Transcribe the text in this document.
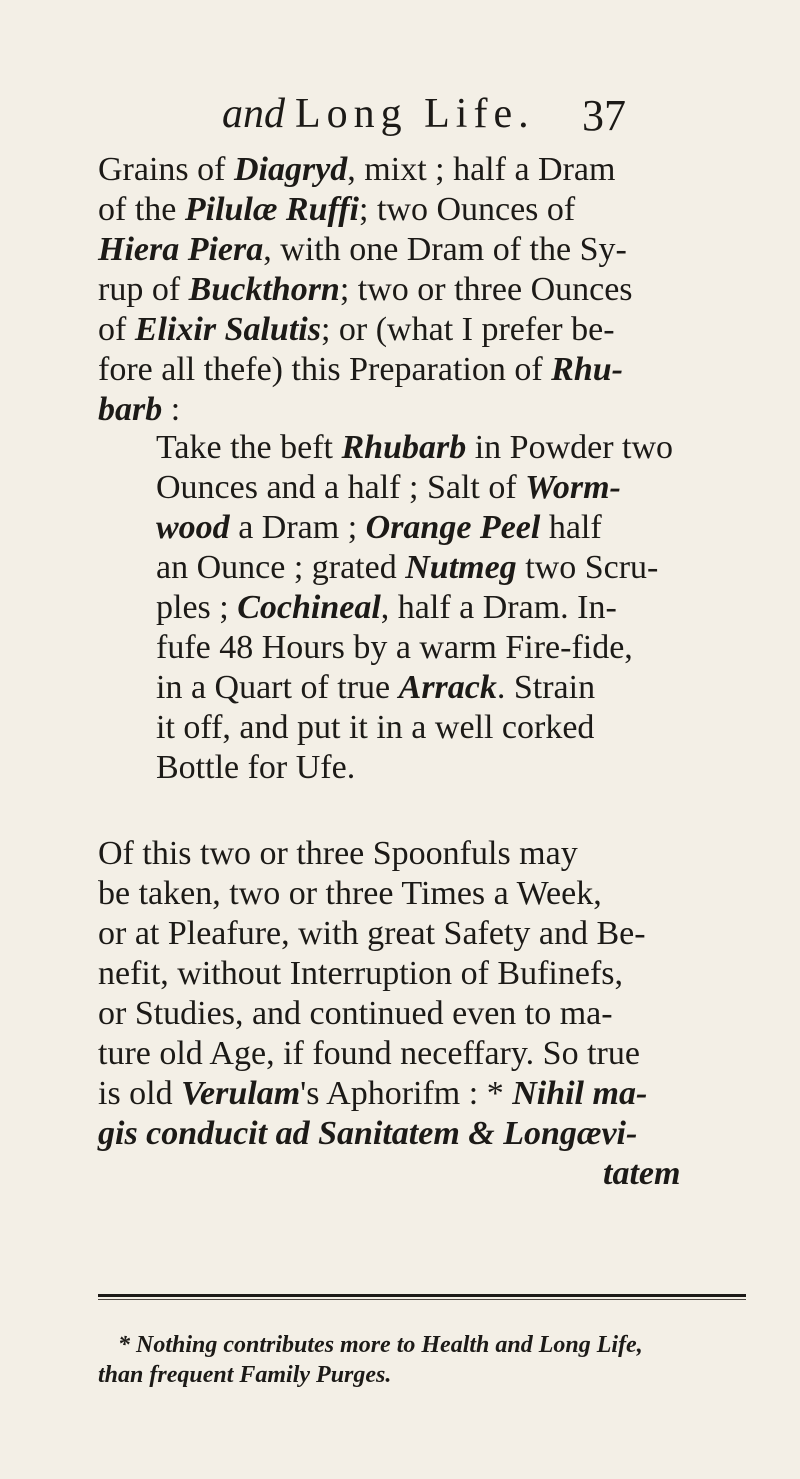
and Long Life. 37
Grains of Diagryd, mixt ; half a Dram
of the Pilulæ Ruffi; two Ounces of
Hiera Piera, with one Dram of the Sy-
rup of Buckthorn; two or three Ounces
of Elixir Salutis; or (what I prefer be-
fore all thefe) this Preparation of Rhu-
barb :
Take the beft Rhubarb in Powder two
Ounces and a half ; Salt of Worm-
wood a Dram ; Orange Peel half
an Ounce ; grated Nutmeg two Scru-
ples ; Cochineal, half a Dram. In-
fufe 48 Hours by a warm Fire-fide,
in a Quart of true Arrack. Strain
it off, and put it in a well corked
Bottle for Ufe.
Of this two or three Spoonfuls may
be taken, two or three Times a Week,
or at Pleafure, with great Safety and Be-
nefit, without Interruption of Bufinefs,
or Studies, and continued even to ma-
ture old Age, if found neceffary. So true
is old Verulam's Aphorifm : * Nihil ma-
gis conducit ad Sanitatem & Longævi-
tatem
* Nothing contributes more to Health and Long Life,
than frequent Family Purges.
